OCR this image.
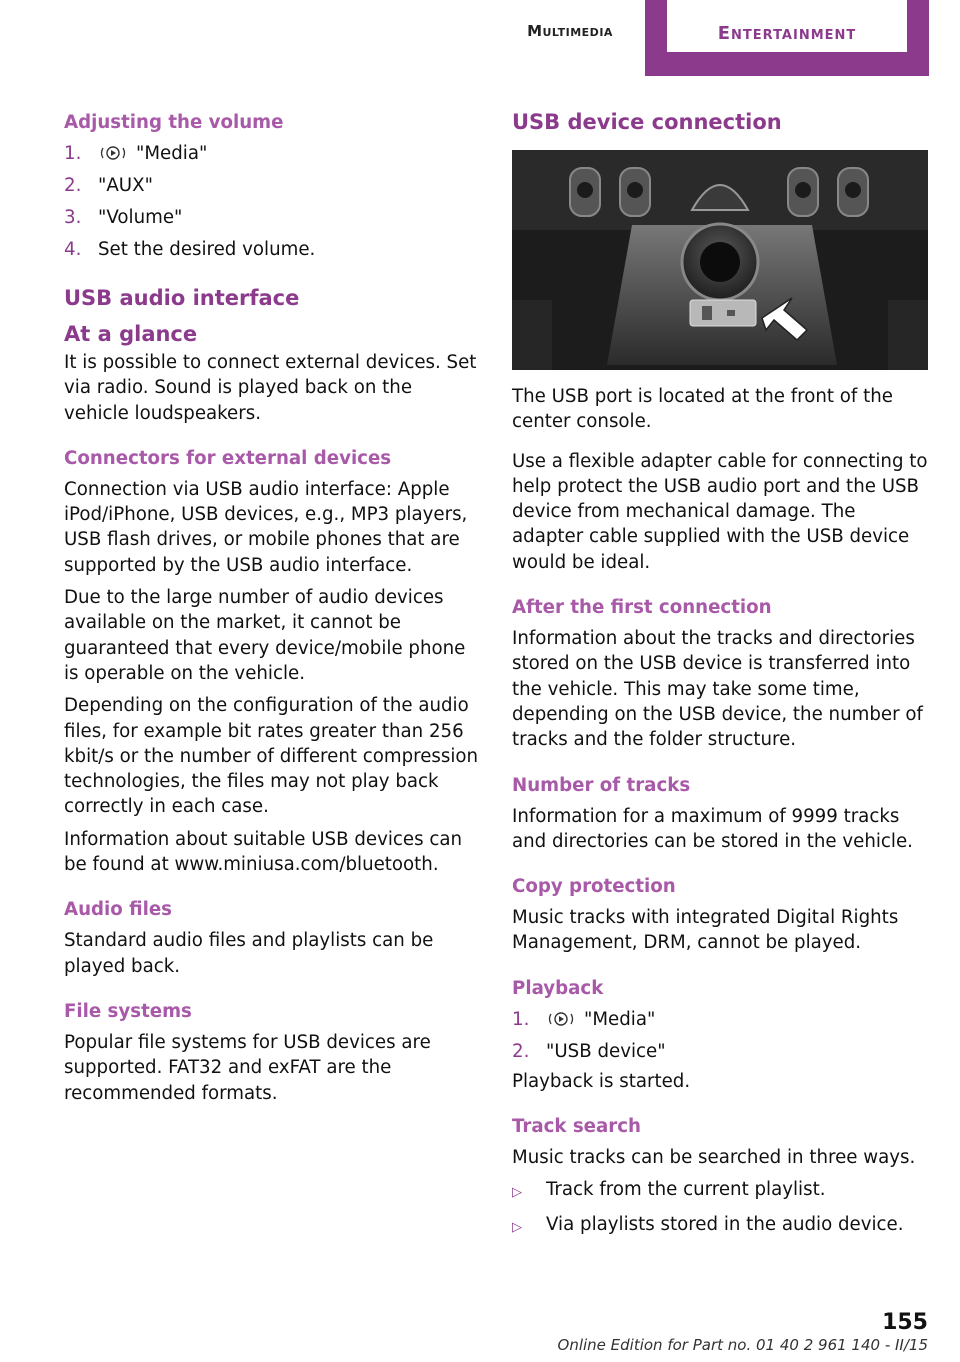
Multimedia	Entertainment
Adjusting the volume
1.	"Media"
2. "AUX"
3. "Volume"
4. Set the desired volume.
USB audio interface
At a glance

It is possible to connect external devices. Set via radio. Sound is played back on the vehicle loudspeakers.

Connectors for external devices

Connection via USB audio interface: Apple iPod/iPhone, USB devices, e.g., MP3 players, USB flash drives, or mobile phones that are supported by the USB audio interface.

Due to the large number of audio devices available on the market, it cannot be guaranteed that every device/mobile phone is operable on the vehicle.

Depending on the configuration of the audio files, for example bit rates greater than 256 kbit/s or the number of different compression technologies, the files may not play back correctly in each case.

Information about suitable USB devices can be found at www.miniusa.com/bluetooth.

Audio files

Standard audio files and playlists can be played back.

File systems

Popular file systems for USB devices are supported. FAT32 and exFAT are the recommended formats.

USB device connection

The USB port is located at the front of the center console.

Use a flexible adapter cable for connecting to help protect the USB audio port and the USB device from mechanical damage. The adapter cable supplied with the USB device would be ideal.

After the first connection

Information about the tracks and directories stored on the USB device is transferred into the vehicle. This may take some time, depending on the USB device, the number of tracks and the folder structure.

Number of tracks

Information for a maximum of 9999 tracks and directories can be stored in the vehicle.

Copy protection

Music tracks with integrated Digital Rights Management, DRM, cannot be played.

Playback
1.	"Media"
2. "USB device"

Playback is started.

Track search

Music tracks can be searched in three ways.

▷	Track from the current playlist.
▷	Via playlists stored in the audio device.
155
Online Edition for Part no. 01 40 2 961 140 - II/15
